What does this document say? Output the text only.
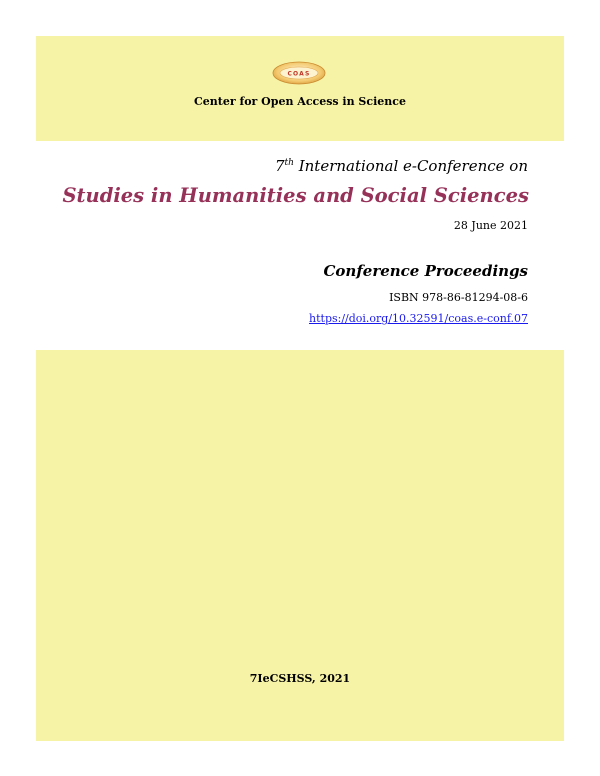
COAS
Center for Open Access in Science
7th International e-Conference on
Studies in Humanities and Social Sciences
28 June 2021
Conference Proceedings
ISBN 978-86-81294-08-6
https://doi.org/10.32591/coas.e-conf.07
7IeCSHSS, 2021
